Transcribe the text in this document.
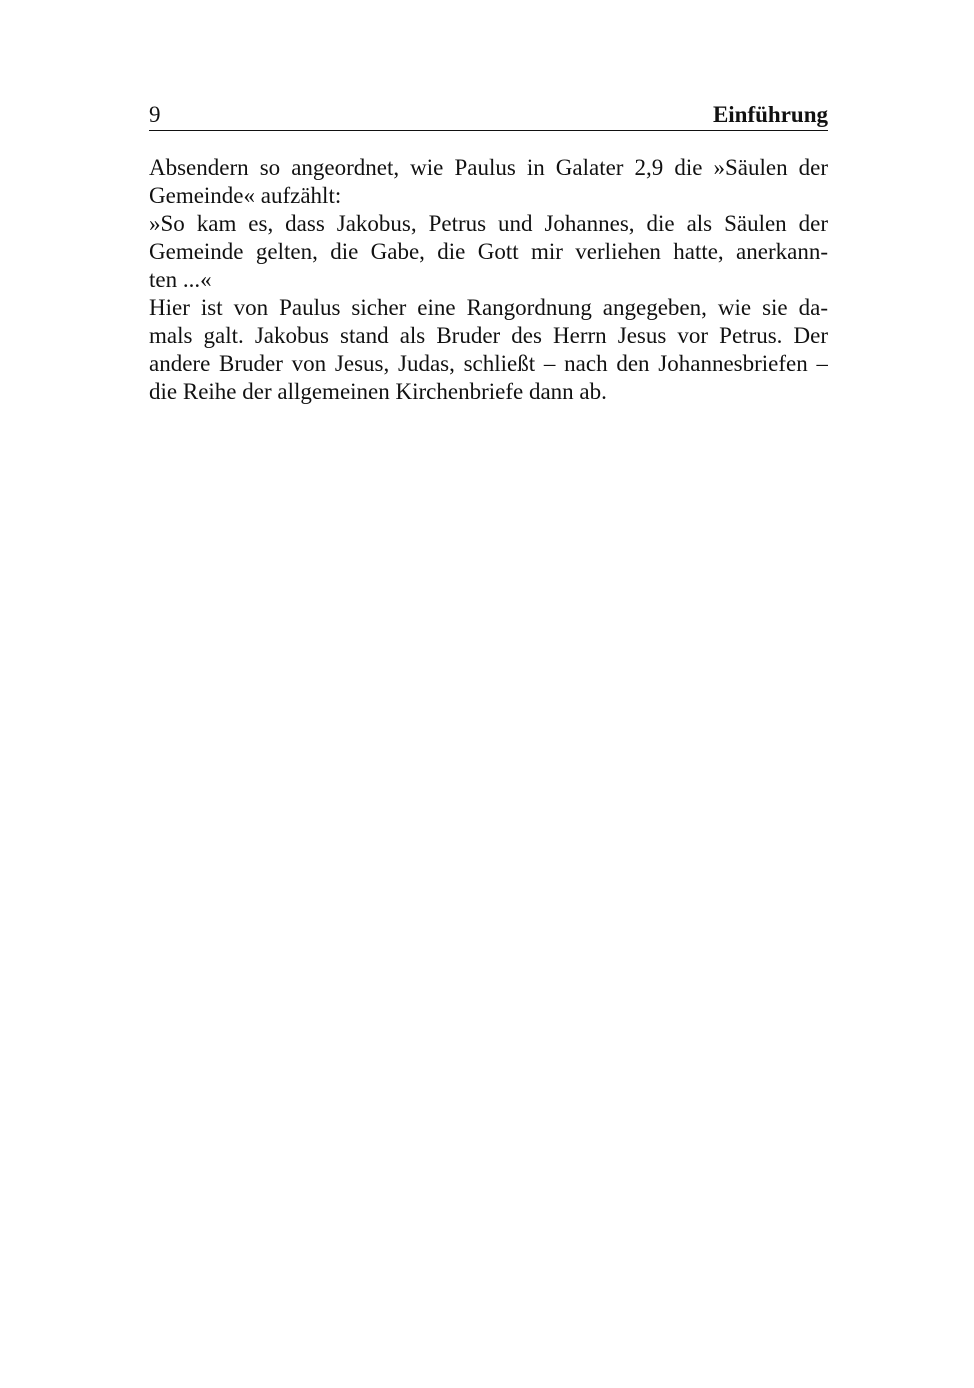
9	Einführung
Absendern so angeordnet, wie Paulus in Galater 2,9 die »Säulen der
Gemeinde« aufzählt:
»So kam es, dass Jakobus, Petrus und Johannes, die als Säulen der
Gemeinde gelten, die Gabe, die Gott mir verliehen hatte, anerkann-
ten ...«
Hier ist von Paulus sicher eine Rangordnung angegeben, wie sie da-
mals galt. Jakobus stand als Bruder des Herrn Jesus vor Petrus. Der
andere Bruder von Jesus, Judas, schließt – nach den Johannesbriefen –
die Reihe der allgemeinen Kirchenbriefe dann ab.
